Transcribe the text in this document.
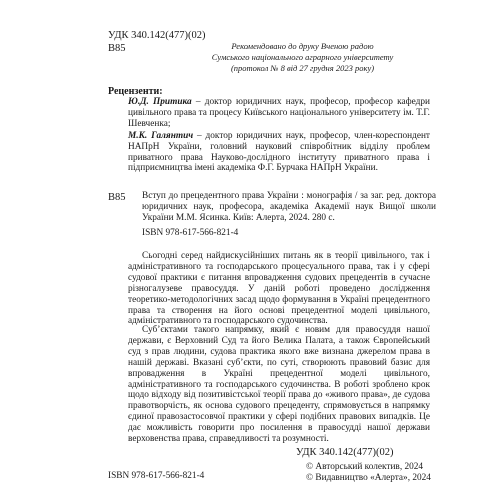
УДК 340.142(477)(02)
В85	Рекомендовано до друку Вченою радою
Сумського національного аграрного університету
(протокол № 8 від 27 грудня 2023 року)
Рецензенти:
Ю.Д. Притика – доктор юридичних наук, професор, професор кафедри цивільного права та процесу Київського національного університету ім. Т.Г. Шевченка;
М.К. Галянтич – доктор юридичних наук, професор, член-кореспондент НАПрН України, головний науковий співробітник відділу проблем приватного права Науково-дослідного інституту приватного права і підприємництва імені академіка Ф.Г. Бурчака НАПрН України.
В85 Вступ до прецедентного права України : монографія / за заг. ред. доктора юридичних наук, професора, академіка Академії наук Вищої школи України М.М. Ясинка. Київ: Алерта, 2024. 280 с.
ISBN 978-617-566-821-4
Сьогодні серед найдискусійніших питань як в теорії цивільного, так і адміністративного та господарського процесуального права, так і у сфері судової практики є питання впровадження судових прецедентів в сучасне різногалузеве правосуддя. У даній роботі проведено дослідження теоретико-методологічних засад щодо формування в Україні прецедентного права та створення на його основі прецедентної моделі цивільного, адміністративного та господарського судочинства.
Суб’єктами такого напрямку, який є новим для правосуддя нашої держави, є Верховний Суд та його Велика Палата, а також Європейський суд з прав людини, судова практика якого вже визнана джерелом права в нашій державі. Вказані суб’єкти, по суті, створюють правовий базис для впровадження в Україні прецедентної моделі цивільного, адміністративного та господарського судочинства. В роботі зроблено крок щодо відходу від позитивістської теорії права до «живого права», де судова правотворчість, як основа судового прецеденту, спрямовується в напрямку єдиної правозастосовчої практики у сфері подібних правових випадків. Це дає можливість говорити про посилення в правосудді нашої держави верховенства права, справедливості та розумності.
УДК 340.142(477)(02)
ISBN 978-617-566-821-4
© Авторський колектив, 2024
© Видавництво «Алерта», 2024
